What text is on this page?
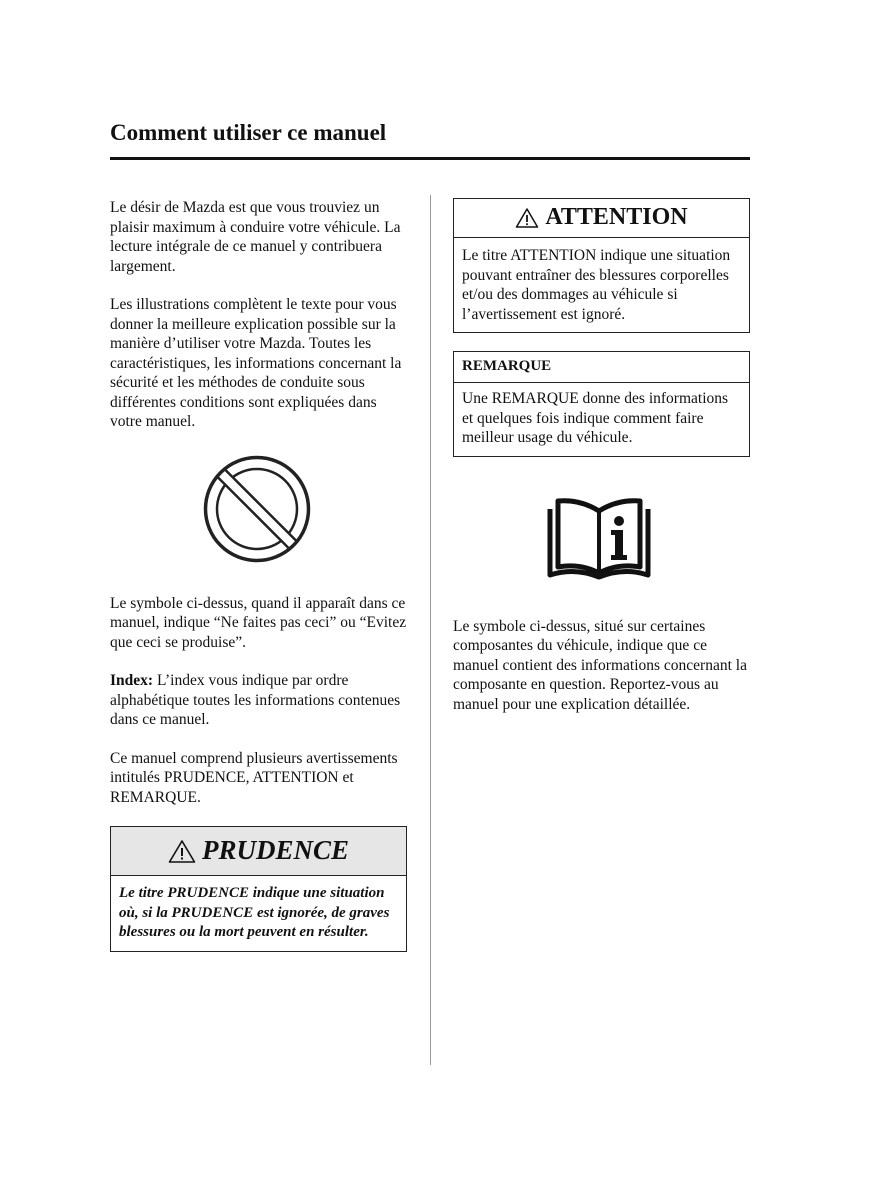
Comment utiliser ce manuel

Le désir de Mazda est que vous trouviez un plaisir maximum à conduire votre véhicule. La lecture intégrale de ce manuel y contribuera largement.

Les illustrations complètent le texte pour vous donner la meilleure explication possible sur la manière d’utiliser votre Mazda. Toutes les caractéristiques, les informations concernant la sécurité et les méthodes de conduite sous différentes conditions sont expliquées dans votre manuel.

Le symbole ci-dessus, quand il apparaît dans ce manuel, indique “Ne faites pas ceci” ou “Evitez que ceci se produise”.

Index: L’index vous indique par ordre alphabétique toutes les informations contenues dans ce manuel.

Ce manuel comprend plusieurs avertissements intitulés PRUDENCE, ATTENTION et REMARQUE.

PRUDENCE
Le titre PRUDENCE indique une situation où, si la PRUDENCE est ignorée, de graves blessures ou la mort peuvent en résulter.
ATTENTION
Le titre ATTENTION indique une situation pouvant entraîner des blessures corporelles et/ou des dommages au véhicule si l’avertissement est ignoré.
REMARQUE
Une REMARQUE donne des informations et quelques fois indique comment faire meilleur usage du véhicule.

Le symbole ci-dessus, situé sur certaines composantes du véhicule, indique que ce manuel contient des informations concernant la composante en question. Reportez-vous au manuel pour une explication détaillée.
